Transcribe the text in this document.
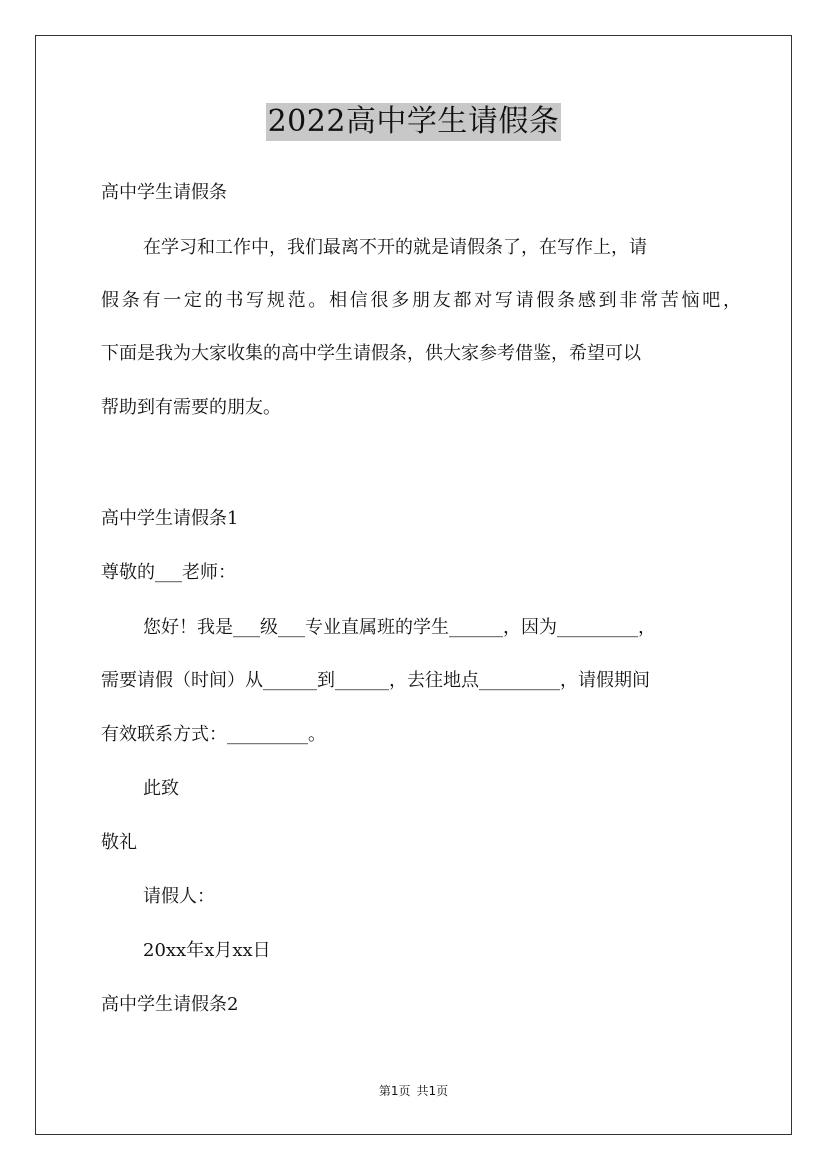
2022高中学生请假条
高中学生请假条
在学习和工作中，我们最离不开的就是请假条了，在写作上，请
假条有一定的书写规范。相信很多朋友都对写请假条感到非常苦恼吧，
下面是我为大家收集的高中学生请假条，供大家参考借鉴，希望可以
帮助到有需要的朋友。
高中学生请假条1
尊敬的___老师：
您好！我是___级___专业直属班的学生______，因为_________，
需要请假（时间）从______到______，去往地点_________，请假期间
有效联系方式：_________。
此致
敬礼
请假人：
20xx年x月xx日
高中学生请假条2
第1页 共1页
